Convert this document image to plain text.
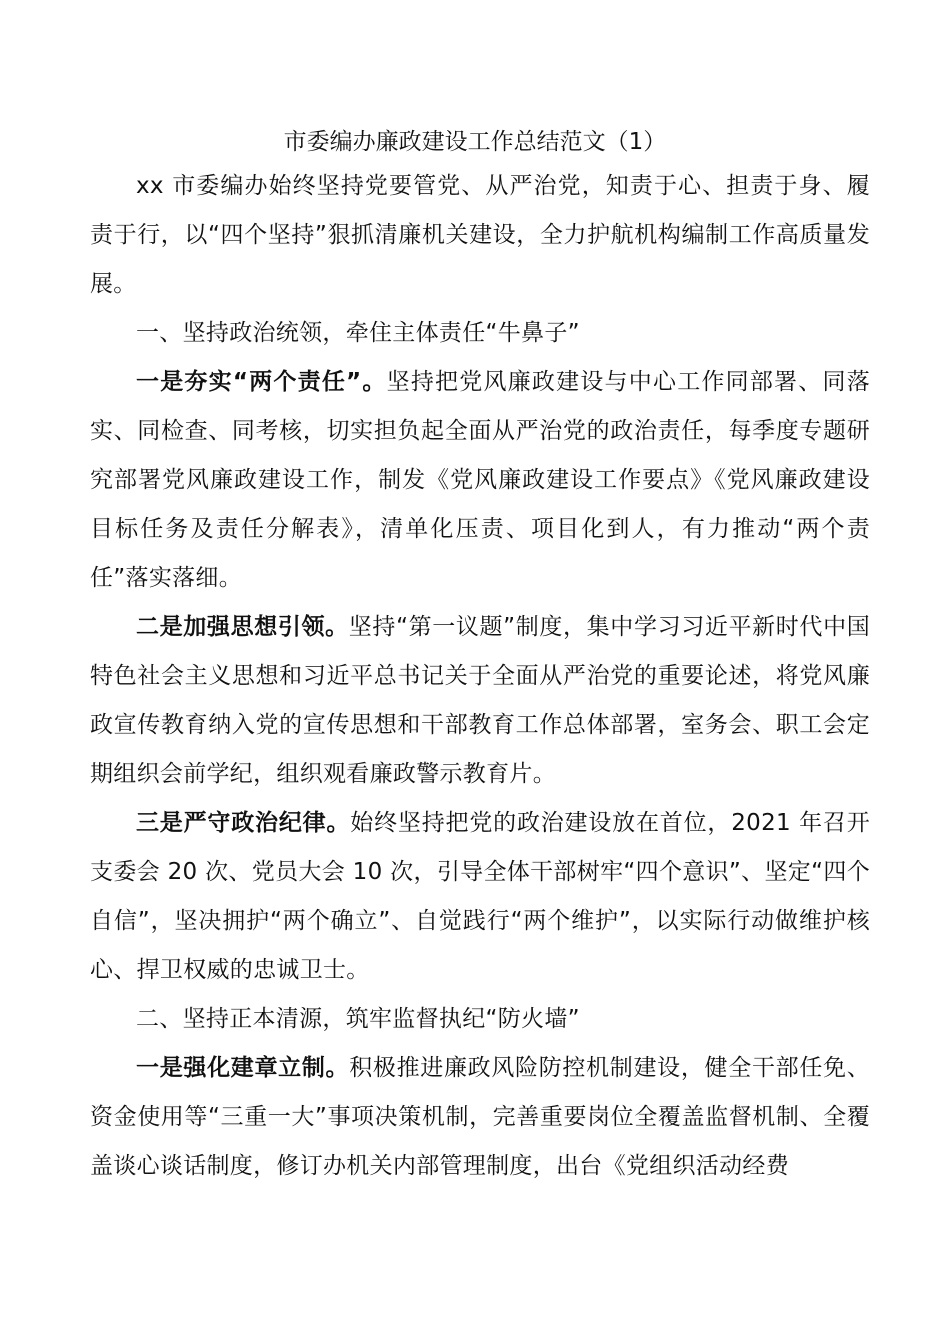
市委编办廉政建设工作总结范文（1）

xx 市委编办始终坚持党要管党、从严治党，知责于心、担责于身、履责于行，以“四个坚持”狠抓清廉机关建设，全力护航机构编制工作高质量发展。

一、坚持政治统领，牵住主体责任“牛鼻子”

一是夯实“两个责任”。坚持把党风廉政建设与中心工作同部署、同落实、同检查、同考核，切实担负起全面从严治党的政治责任，每季度专题研究部署党风廉政建设工作，制发《党风廉政建设工作要点》《党风廉政建设目标任务及责任分解表》，清单化压责、项目化到人，有力推动“两个责任”落实落细。

二是加强思想引领。坚持“第一议题”制度，集中学习习近平新时代中国特色社会主义思想和习近平总书记关于全面从严治党的重要论述，将党风廉政宣传教育纳入党的宣传思想和干部教育工作总体部署，室务会、职工会定期组织会前学纪，组织观看廉政警示教育片。

三是严守政治纪律。始终坚持把党的政治建设放在首位，2021 年召开支委会 20 次、党员大会 10 次，引导全体干部树牢“四个意识”、坚定“四个自信”，坚决拥护“两个确立”、自觉践行“两个维护”，以实际行动做维护核心、捍卫权威的忠诚卫士。

二、坚持正本清源，筑牢监督执纪“防火墙”

一是强化建章立制。积极推进廉政风险防控机制建设，健全干部任免、资金使用等“三重一大”事项决策机制，完善重要岗位全覆盖监督机制、全覆盖谈心谈话制度，修订办机关内部管理制度，出台《党组织活动经费
